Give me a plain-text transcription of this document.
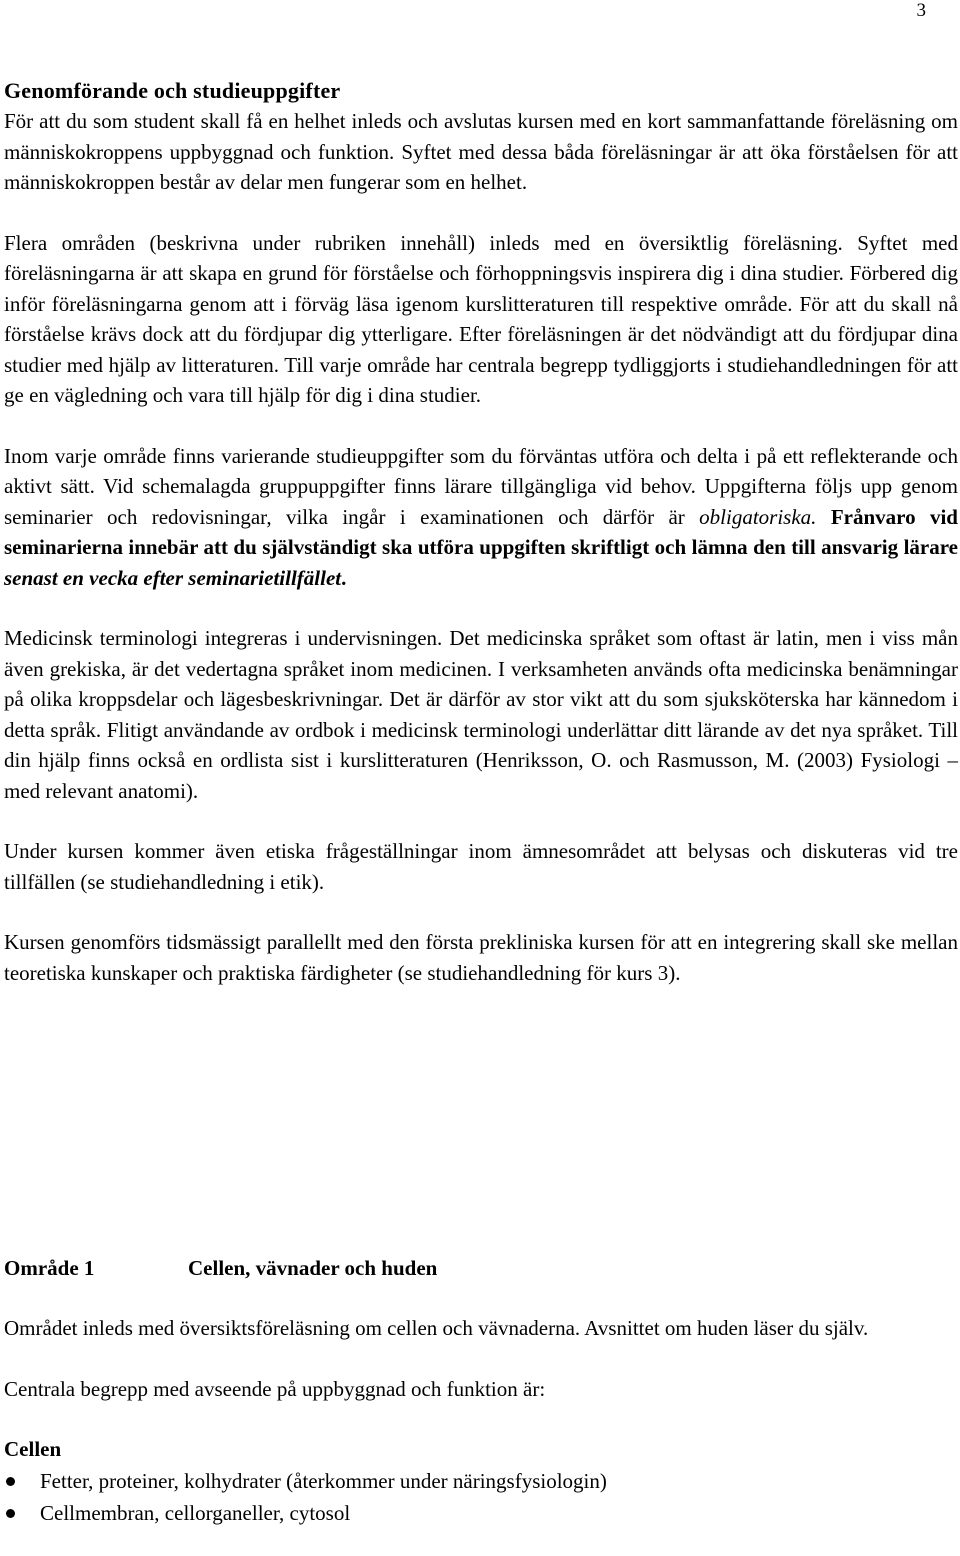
3
Genomförande och studieuppgifter

För att du som student skall få en helhet inleds och avslutas kursen med en kort sammanfattande föreläsning om människokroppens uppbyggnad och funktion. Syftet med dessa båda föreläsningar är att öka förståelsen för att människokroppen består av delar men fungerar som en helhet.

Flera områden (beskrivna under rubriken innehåll) inleds med en översiktlig föreläsning. Syftet med föreläsningarna är att skapa en grund för förståelse och förhoppningsvis inspirera dig i dina studier. Förbered dig inför föreläsningarna genom att i förväg läsa igenom kurslitteraturen till respektive område. För att du skall nå förståelse krävs dock att du fördjupar dig ytterligare. Efter föreläsningen är det nödvändigt att du fördjupar dina studier med hjälp av litteraturen. Till varje område har centrala begrepp tydliggjorts i studiehandledningen för att ge en vägledning och vara till hjälp för dig i dina studier.

Inom varje område finns varierande studieuppgifter som du förväntas utföra och delta i på ett reflekterande och aktivt sätt. Vid schemalagda gruppuppgifter finns lärare tillgängliga vid behov. Uppgifterna följs upp genom seminarier och redovisningar, vilka ingår i examinationen och därför är obligatoriska. Frånvaro vid seminarierna innebär att du självständigt ska utföra uppgiften skriftligt och lämna den till ansvarig lärare senast en vecka efter seminarietillfället.

Medicinsk terminologi integreras i undervisningen. Det medicinska språket som oftast är latin, men i viss mån även grekiska, är det vedertagna språket inom medicinen. I verksamheten används ofta medicinska benämningar på olika kroppsdelar och lägesbeskrivningar. Det är därför av stor vikt att du som sjuksköterska har kännedom i detta språk. Flitigt användande av ordbok i medicinsk terminologi underlättar ditt lärande av det nya språket. Till din hjälp finns också en ordlista sist i kurslitteraturen (Henriksson, O. och Rasmusson, M. (2003) Fysiologi – med relevant anatomi).

Under kursen kommer även etiska frågeställningar inom ämnesområdet att belysas och diskuteras vid tre tillfällen (se studiehandledning i etik).

Kursen genomförs tidsmässigt parallellt med den första prekliniska kursen för att en integrering skall ske mellan teoretiska kunskaper och praktiska färdigheter (se studiehandledning för kurs 3).

Område 1	Cellen, vävnader och huden

Området inleds med översiktsföreläsning om cellen och vävnaderna. Avsnittet om huden läser du själv.

Centrala begrepp med avseende på uppbyggnad och funktion är:

Cellen

Fetter, proteiner, kolhydrater (återkommer under näringsfysiologin)
Cellmembran, cellorganeller, cytosol
